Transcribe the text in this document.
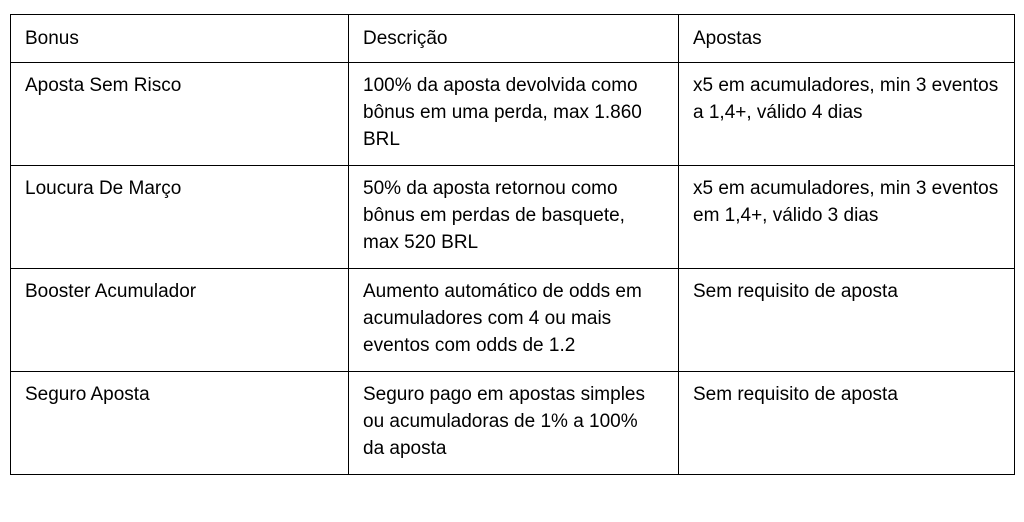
Bonus	Descrição	Apostas

Aposta Sem Risco	100% da aposta devolvida como bônus em uma perda, max 1.860 BRL	x5 em acumuladores, min 3 eventos a 1,4+, válido 4 dias

Loucura De Março	50% da aposta retornou como bônus em perdas de basquete, max 520 BRL	x5 em acumuladores, min 3 eventos em 1,4+, válido 3 dias

Booster Acumulador	Aumento automático de odds em acumuladores com 4 ou mais eventos com odds de 1.2	Sem requisito de aposta

Seguro Aposta	Seguro pago em apostas simples ou acumuladoras de 1% a 100% da aposta	Sem requisito de aposta
